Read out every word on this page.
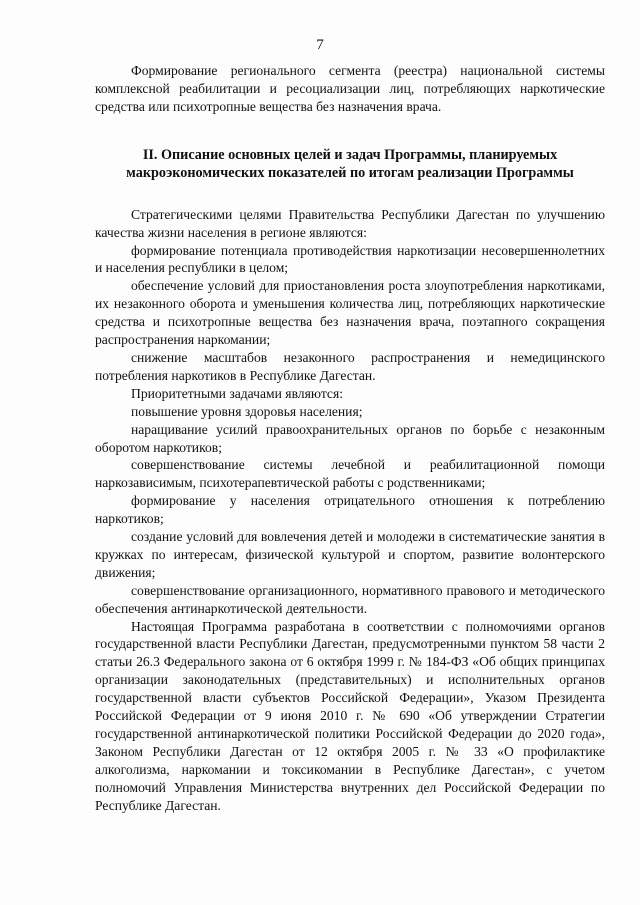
7

Формирование регионального сегмента (реестра) национальной системы комплексной реабилитации и ресоциализации лиц, потребляющих наркотические средства или психотропные вещества без назначения врача.

II. Описание основных целей и задач Программы, планируемых макроэкономических показателей по итогам реализации Программы

Стратегическими целями Правительства Республики Дагестан по улучшению качества жизни населения в регионе являются:

формирование потенциала противодействия наркотизации несовершеннолетних и населения республики в целом;

обеспечение условий для приостановления роста злоупотребления наркотиками, их незаконного оборота и уменьшения количества лиц, потребляющих наркотические средства и психотропные вещества без назначения врача, поэтапного сокращения распространения наркомании;

снижение масштабов незаконного распространения и немедицинского потребления наркотиков в Республике Дагестан.

Приоритетными задачами являются:

повышение уровня здоровья населения;

наращивание усилий правоохранительных органов по борьбе с незаконным оборотом наркотиков;

совершенствование системы лечебной и реабилитационной помощи наркозависимым, психотерапевтической работы с родственниками;

формирование у населения отрицательного отношения к потреблению наркотиков;

создание условий для вовлечения детей и молодежи в систематические занятия в кружках по интересам, физической культурой и спортом, развитие волонтерского движения;

совершенствование организационного, нормативного правового и методического обеспечения антинаркотической деятельности.

Настоящая Программа разработана в соответствии с полномочиями органов государственной власти Республики Дагестан, предусмотренными пунктом 58 части 2 статьи 26.3 Федерального закона от 6 октября 1999 г. № 184-ФЗ «Об общих принципах организации законодательных (представительных) и исполнительных органов государственной власти субъектов Российской Федерации», Указом Президента Российской Федерации от 9 июня 2010 г. № 690 «Об утверждении Стратегии государственной антинаркотической политики Российской Федерации до 2020 года», Законом Республики Дагестан от 12 октября 2005 г. № 33 «О профилактике алкоголизма, наркомании и токсикомании в Республике Дагестан», с учетом полномочий Управления Министерства внутренних дел Российской Федерации по Республике Дагестан.
